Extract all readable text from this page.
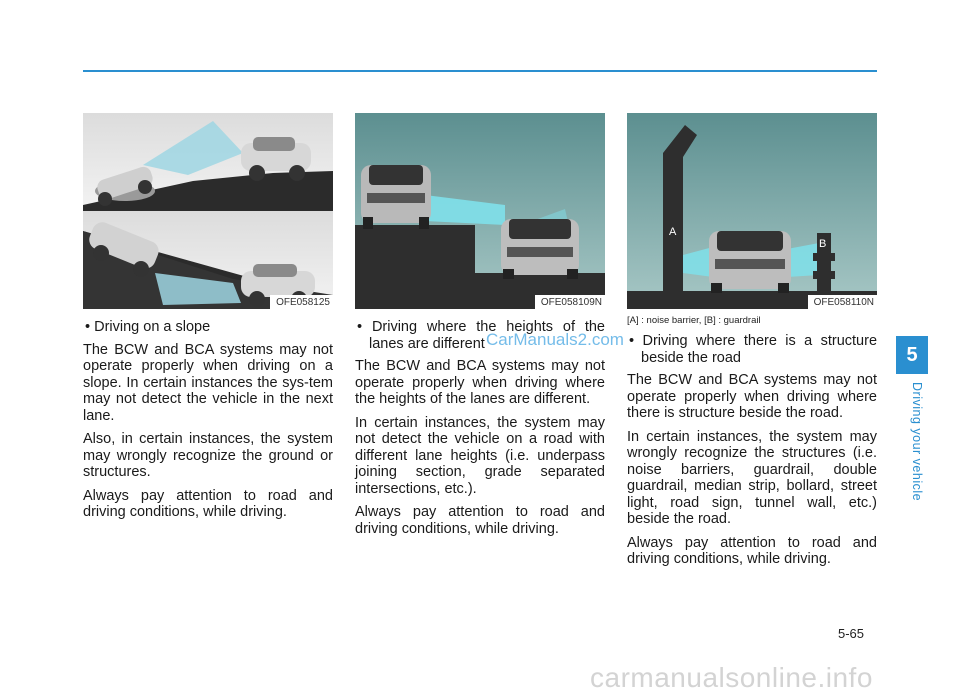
OFE058125

• Driving on a slope

The BCW and BCA systems may not operate properly when driving on a slope. In certain instances the sys-tem may not detect the vehicle in the next lane.

Also, in certain instances, the system may wrongly recognize the ground or structures.

Always pay attention to road and driving conditions, while driving.

OFE058109N

• Driving where the heights of the lanes are different

The BCW and BCA systems may not operate properly when driving where the heights of the lanes are different.

In certain instances, the system may not detect the vehicle on a road with different lane heights (i.e. underpass joining section, grade separated intersections, etc.).

Always pay attention to road and driving conditions, while driving.

A
B
OFE058110N

[A] : noise barrier, [B] : guardrail

• Driving where there is a structure beside the road

The BCW and BCA systems may not operate properly when driving where there is structure beside the road.

In certain instances, the system may wrongly recognize the structures (i.e. noise barriers, guardrail, double guardrail, median strip, bollard, street light, road sign, tunnel wall, etc.) beside the road.

Always pay attention to road and driving conditions, while driving.

5
Driving your vehicle
5-65
CarManuals2.com
carmanualsonline.info
